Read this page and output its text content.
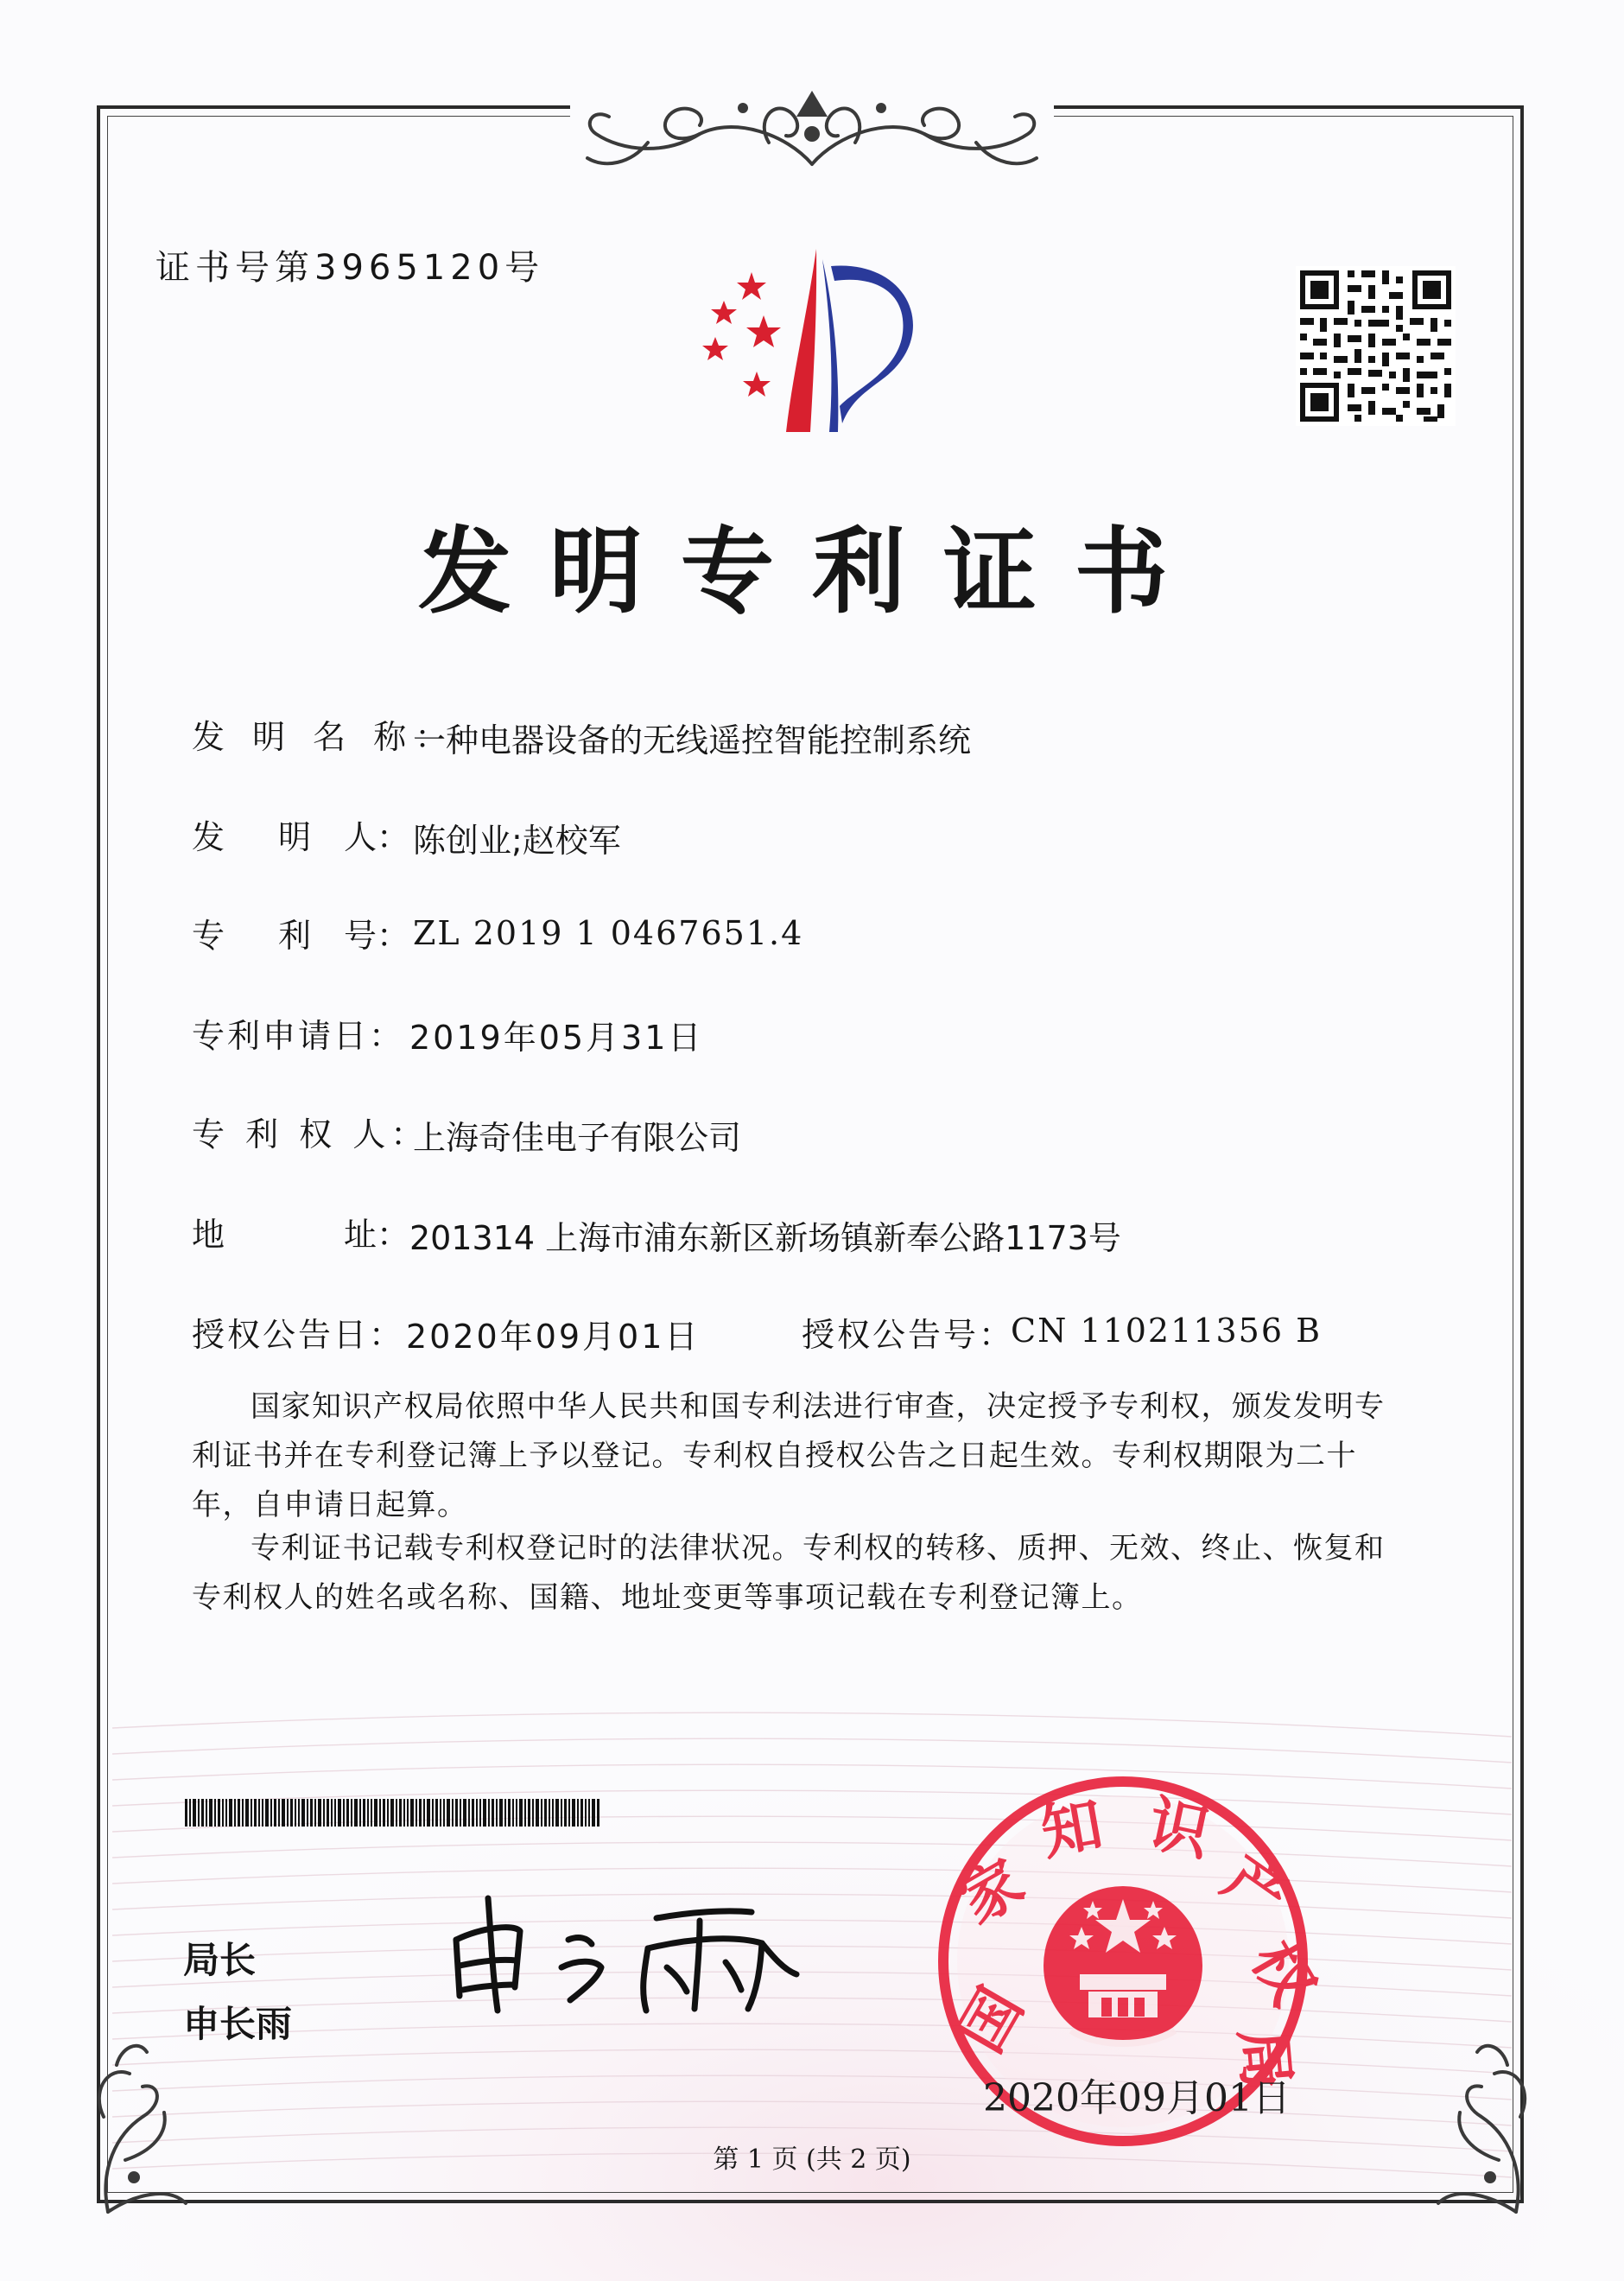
证书号第3965120号
发明专利证书
发 明 名 称：
一种电器设备的无线遥控智能控制系统
发 明 人： 陈创业;赵校军
专 利 号： ZL 2019 1 0467651.4
专利申请日： 2019年05月31日
专 利 权 人：
上海奇佳电子有限公司
地	址： 201314 上海市浦东新区新场镇新奉公路1173号
授权公告日： 2020年09月01日	授权公告号：
CN 110211356 B
国家知识产权局依照中华人民共和国专利法进行审查，决定授予专利权，颁发发明专利证书并在专利登记簿上予以登记。专利权自授权公告之日起生效。专利权期限为二十年，自申请日起算。
专利证书记载专利权登记时的法律状况。专利权的转移、质押、无效、终止、恢复和专利权人的姓名或名称、国籍、地址变更等事项记载在专利登记簿上。
局长
申长雨	国
家
知 识
产
权
局
2020年09月01日
第 1 页 (共 2 页)
